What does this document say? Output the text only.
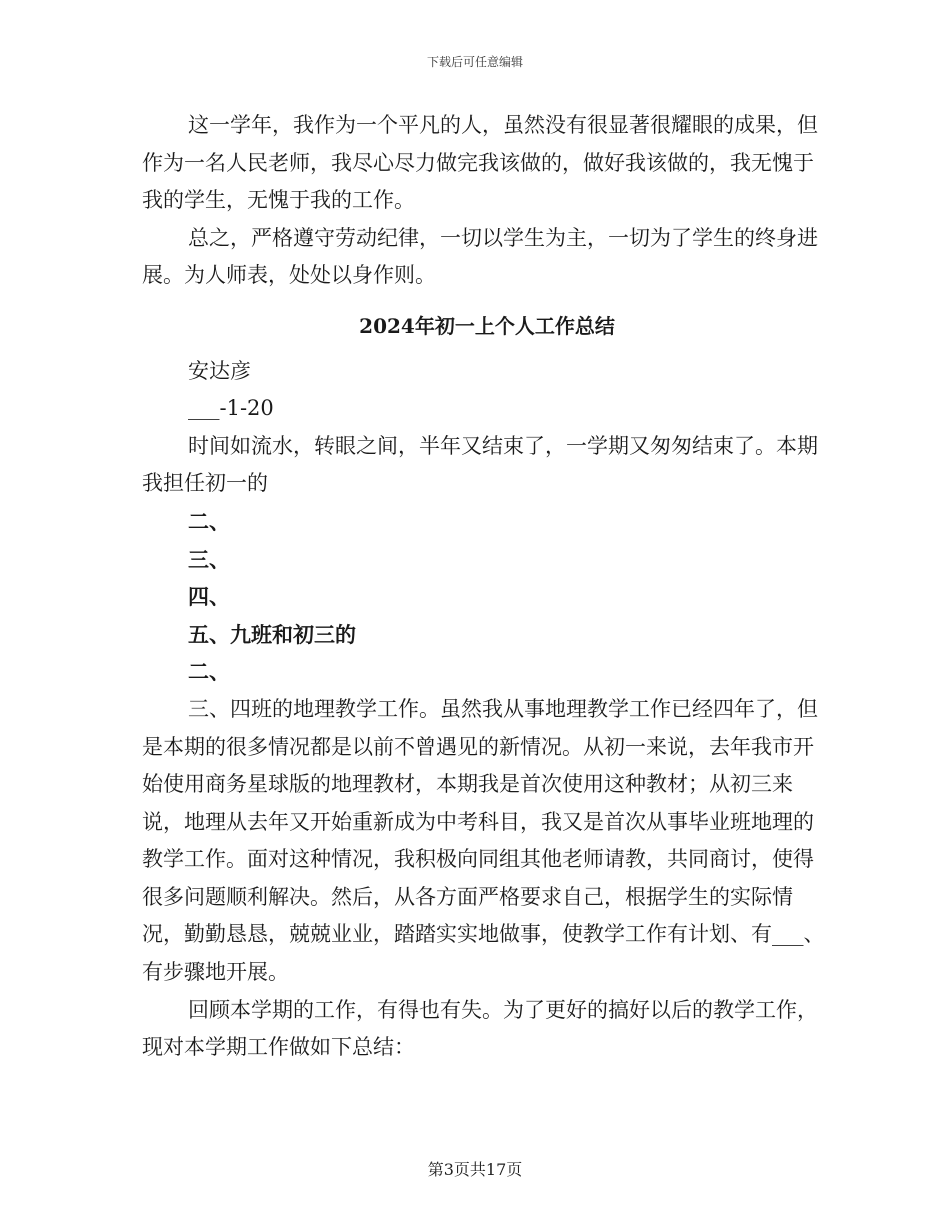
下载后可任意编辑

这一学年，我作为一个平凡的人，虽然没有很显著很耀眼的成果，但作为一名人民老师，我尽心尽力做完我该做的，做好我该做的，我无愧于我的学生，无愧于我的工作。

总之，严格遵守劳动纪律，一切以学生为主，一切为了学生的终身进展。为人师表，处处以身作则。

2024年初一上个人工作总结

安达彦

___-1-20

时间如流水，转眼之间，半年又结束了，一学期又匆匆结束了。本期我担任初一的

二、

三、

四、

五、九班和初三的

二、

三、四班的地理教学工作。虽然我从事地理教学工作已经四年了，但是本期的很多情况都是以前不曾遇见的新情况。从初一来说，去年我市开始使用商务星球版的地理教材，本期我是首次使用这种教材；从初三来说，地理从去年又开始重新成为中考科目，我又是首次从事毕业班地理的教学工作。面对这种情况，我积极向同组其他老师请教，共同商讨，使得很多问题顺利解决。然后，从各方面严格要求自己，根据学生的实际情况，勤勤恳恳，兢兢业业，踏踏实实地做事，使教学工作有计划、有___、有步骤地开展。

回顾本学期的工作，有得也有失。为了更好的搞好以后的教学工作，现对本学期工作做如下总结：

第3页共17页
